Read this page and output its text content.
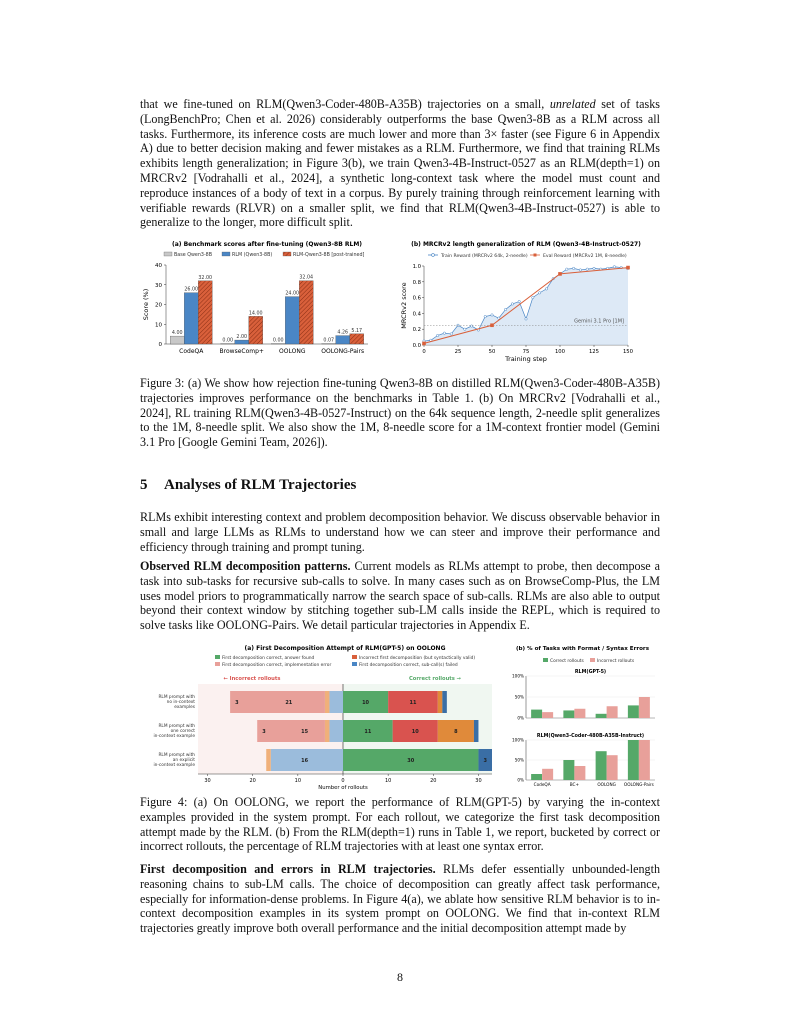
that we fine-tuned on RLM(Qwen3-Coder-480B-A35B) trajectories on a small, unrelated set of tasks (LongBenchPro; Chen et al. 2026) considerably outperforms the base Qwen3-8B as a RLM across all tasks. Furthermore, its inference costs are much lower and more than 3× faster (see Figure 6 in Appendix A) due to better decision making and fewer mistakes as a RLM. Furthermore, we find that training RLMs exhibits length generalization; in Figure 3(b), we train Qwen3-4B-Instruct-0527 as an RLM(depth=1) on MRCRv2 [Vodrahalli et al., 2024], a synthetic long-context task where the model must count and reproduce instances of a body of text in a corpus. By purely training through reinforcement learning with verifiable rewards (RLVR) on a smaller split, we find that RLM(Qwen3-4B-Instruct-0527) is able to generalize to the longer, more difficult split.
(a) Benchmark scores after fine-tuning (Qwen3-8B RLM)
Base Qwen3-8B	RLM (Qwen3-8B)	RLM-Qwen3-8B [post-trained]
0
10
20
30
40
Score (%)
4.00
26.00
32.00
CodeQA
0.00
2.00
14.00
BrowseComp+
0.00
24.00
32.04
OOLONG
0.07
4.26 5.17
OOLONG-Pairs
(b) MRCRv2 length generalization of RLM (Qwen3-4B-Instruct-0527)
Train Reward (MRCRv2 64k, 2-needle)	Eval Reward (MRCRv2 1M, 8-needle)
0.0
0.2
0.4
0.6
0.8
1.0
0	25	50	75	100	125	150
Training step
MRCRv2 score	Gemini 3.1 Pro [1M]
Figure 3: (a) We show how rejection fine-tuning Qwen3-8B on distilled RLM(Qwen3-Coder-480B-A35B) trajectories improves performance on the benchmarks in Table 1. (b) On MRCRv2 [Vodrahalli et al., 2024], RL training RLM(Qwen3-4B-0527-Instruct) on the 64k sequence length, 2-needle split generalizes to the 1M, 8-needle split. We also show the 1M, 8-needle score for a 1M-context frontier model (Gemini 3.1 Pro [Google Gemini Team, 2026]).
5 Analyses of RLM Trajectories
RLMs exhibit interesting context and problem decomposition behavior. We discuss observable behavior in small and large LLMs as RLMs to understand how we can steer and improve their performance and efficiency through training and prompt tuning.
Observed RLM decomposition patterns. Current models as RLMs attempt to probe, then decompose a task into sub-tasks for recursive sub-calls to solve. In many cases such as on BrowseComp-Plus, the LM uses model priors to programmatically narrow the search space of sub-calls. RLMs are also able to output beyond their context window by stitching together sub-LM calls inside the REPL, which is required to solve tasks like OOLONG-Pairs. We detail particular trajectories in Appendix E.
(a) First Decomposition Attempt of RLM(GPT-5) on OOLONG
First decomposition correct, answer found
First decomposition correct, implementation error
Incorrect first decomposition (but syntactically valid)
First decomposition correct, sub-call(s) failed
← Incorrect rollouts	Correct rollouts →
30	20	10	0	10	20	30
Number of rollouts
RLM prompt with no in-context examples
RLM prompt with one correct in-context example
RLM prompt with an explicit in-context example
3	21	10	11
3	15	11	10	8
16	30	3
(b) % of Tasks with Format / Syntax Errors
Correct rollouts	Incorrect rollouts
RLM(GPT-5)
0%
50%
100%
RLM(Qwen3-Coder-480B-A35B-Instruct)
0%
50%
100%
CodeQA	BC+	OOLONG OOLONG-Pairs
Figure 4: (a) On OOLONG, we report the performance of RLM(GPT-5) by varying the in-context examples provided in the system prompt. For each rollout, we categorize the first task decomposition attempt made by the RLM. (b) From the RLM(depth=1) runs in Table 1, we report, bucketed by correct or incorrect rollouts, the percentage of RLM trajectories with at least one syntax error.
First decomposition and errors in RLM trajectories. RLMs defer essentially unbounded-length reasoning chains to sub-LM calls. The choice of decomposition can greatly affect task performance, especially for information-dense problems. In Figure 4(a), we ablate how sensitive RLM behavior is to in-context decomposition examples in its system prompt on OOLONG. We find that in-context RLM trajectories greatly improve both overall performance and the initial decomposition attempt made by
8
